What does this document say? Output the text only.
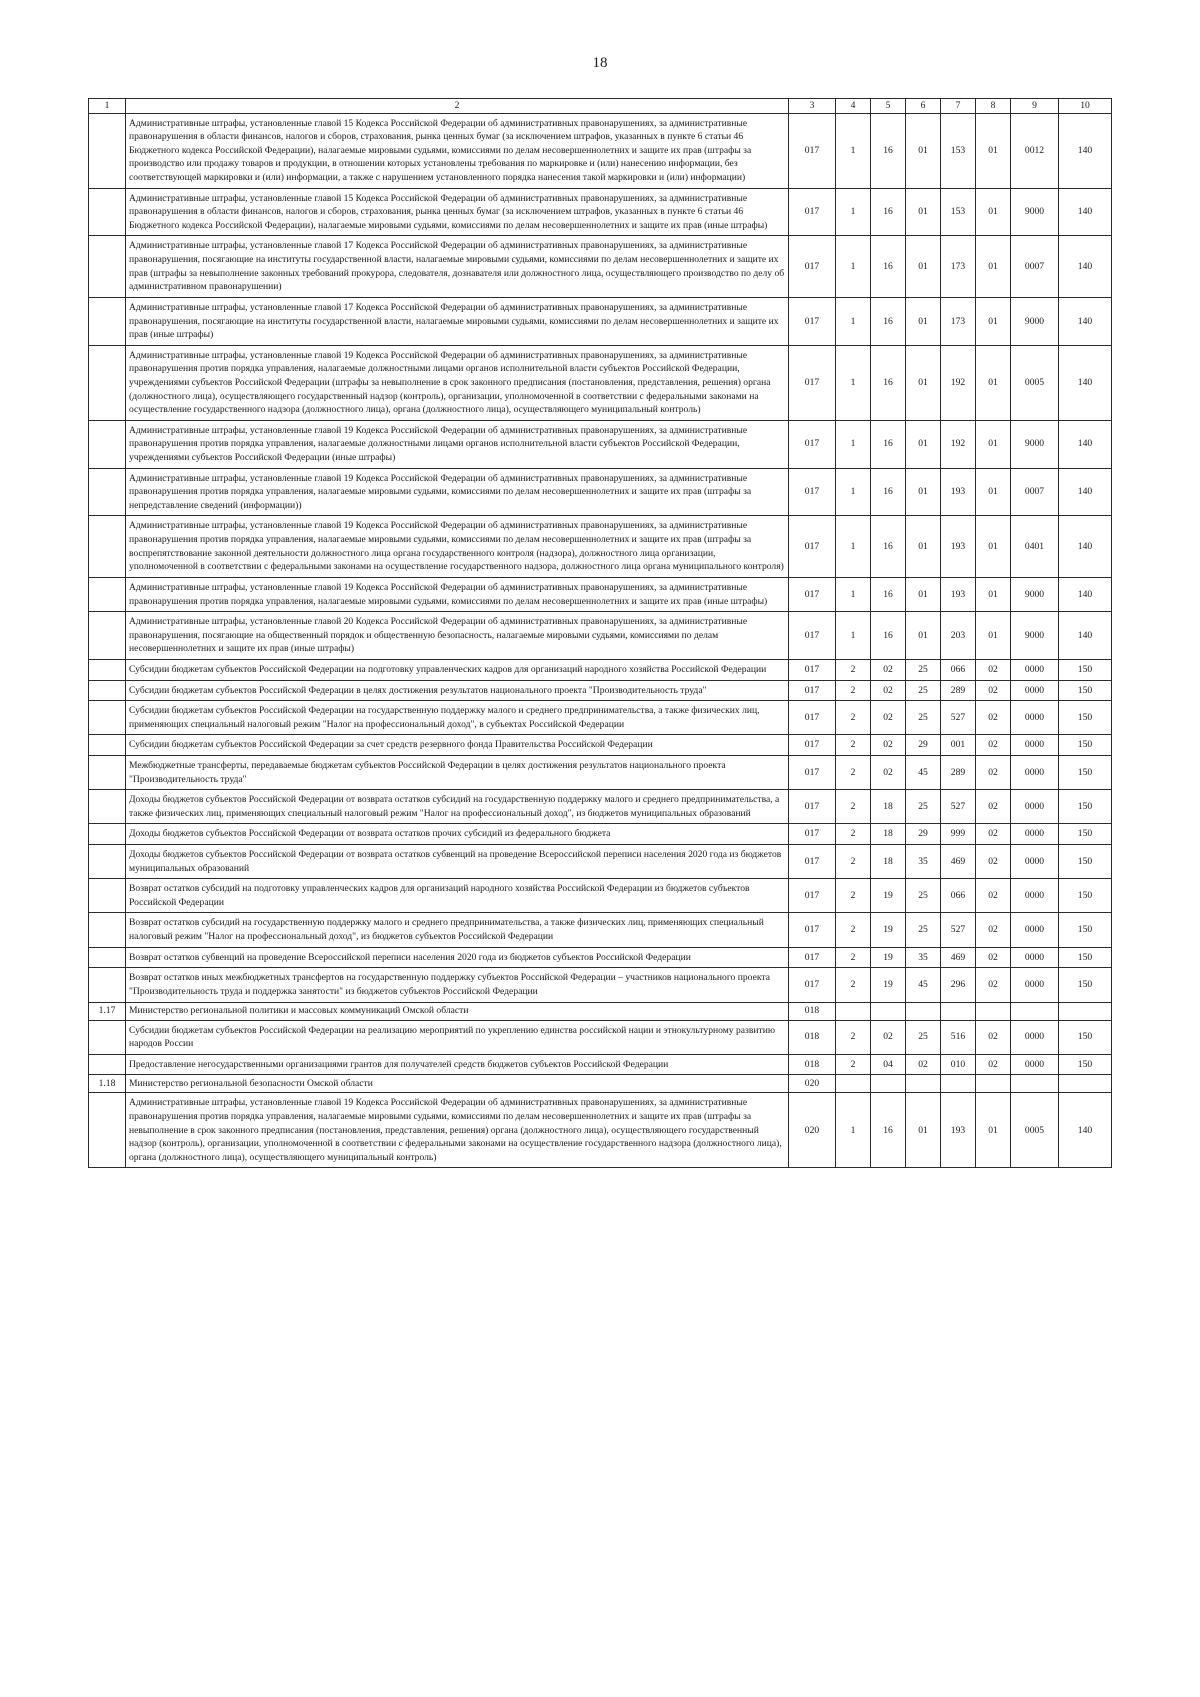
18
1	2	3	4	5	6	7	8	9	10
	Административные штрафы, установленные главой 15 Кодекса Российской Федерации об административных правонарушениях, за административные правонарушения в области финансов, налогов и сборов, страхования, рынка ценных бумаг (за исключением штрафов, указанных в пункте 6 статьи 46 Бюджетного кодекса Российской Федерации), налагаемые мировыми судьями, комиссиями по делам несовершеннолетних и защите их прав (штрафы за производство или продажу товаров и продукции, в отношении которых установлены требования по маркировке и (или) нанесению информации, без соответствующей маркировки и (или) информации, а также с нарушением установленного порядка нанесения такой маркировки и (или) информации)	017	1	16	01	153	01	0012	140
	Административные штрафы, установленные главой 15 Кодекса Российской Федерации об административных правонарушениях, за административные правонарушения в области финансов, налогов и сборов, страхования, рынка ценных бумаг (за исключением штрафов, указанных в пункте 6 статьи 46 Бюджетного кодекса Российской Федерации), налагаемые мировыми судьями, комиссиями по делам несовершеннолетних и защите их прав (иные штрафы)	017	1	16	01	153	01	9000	140
	Административные штрафы, установленные главой 17 Кодекса Российской Федерации об административных правонарушениях, за административные правонарушения, посягающие на институты государственной власти, налагаемые мировыми судьями, комиссиями по делам несовершеннолетних и защите их прав (штрафы за невыполнение законных требований прокурора, следователя, дознавателя или должностного лица, осуществляющего производство по делу об административном правонарушении)	017	1	16	01	173	01	0007	140
	Административные штрафы, установленные главой 17 Кодекса Российской Федерации об административных правонарушениях, за административные правонарушения, посягающие на институты государственной власти, налагаемые мировыми судьями, комиссиями по делам несовершеннолетних и защите их прав (иные штрафы)	017	1	16	01	173	01	9000	140
	Административные штрафы, установленные главой 19 Кодекса Российской Федерации об административных правонарушениях, за административные правонарушения против порядка управления, налагаемые должностными лицами органов исполнительной власти субъектов Российской Федерации, учреждениями субъектов Российской Федерации (штрафы за невыполнение в срок законного предписания (постановления, представления, решения) органа (должностного лица), осуществляющего государственный надзор (контроль), организации, уполномоченной в соответствии с федеральными законами на осуществление государственного надзора (должностного лица), органа (должностного лица), осуществляющего муниципальный контроль)	017	1	16	01	192	01	0005	140
	Административные штрафы, установленные главой 19 Кодекса Российской Федерации об административных правонарушениях, за административные правонарушения против порядка управления, налагаемые должностными лицами органов исполнительной власти субъектов Российской Федерации, учреждениями субъектов Российской Федерации (иные штрафы)	017	1	16	01	192	01	9000	140
	Административные штрафы, установленные главой 19 Кодекса Российской Федерации об административных правонарушениях, за административные правонарушения против порядка управления, налагаемые мировыми судьями, комиссиями по делам несовершеннолетних и защите их прав (штрафы за непредставление сведений (информации))	017	1	16	01	193	01	0007	140
	Административные штрафы, установленные главой 19 Кодекса Российской Федерации об административных правонарушениях, за административные правонарушения против порядка управления, налагаемые мировыми судьями, комиссиями по делам несовершеннолетних и защите их прав (штрафы за воспрепятствование законной деятельности должностного лица органа государственного контроля (надзора), должностного лица организации, уполномоченной в соответствии с федеральными законами на осуществление государственного надзора, должностного лица органа муниципального контроля)	017	1	16	01	193	01	0401	140
	Административные штрафы, установленные главой 19 Кодекса Российской Федерации об административных правонарушениях, за административные правонарушения против порядка управления, налагаемые мировыми судьями, комиссиями по делам несовершеннолетних и защите их прав (иные штрафы)	017	1	16	01	193	01	9000	140
	Административные штрафы, установленные главой 20 Кодекса Российской Федерации об административных правонарушениях, за административные правонарушения, посягающие на общественный порядок и общественную безопасность, налагаемые мировыми судьями, комиссиями по делам несовершеннолетних и защите их прав (иные штрафы)	017	1	16	01	203	01	9000	140
	Субсидии бюджетам субъектов Российской Федерации на подготовку управленческих кадров для организаций народного хозяйства Российской Федерации	017	2	02	25	066	02	0000	150
	Субсидии бюджетам субъектов Российской Федерации в целях достижения результатов национального проекта "Производительность труда"	017	2	02	25	289	02	0000	150
	Субсидии бюджетам субъектов Российской Федерации на государственную поддержку малого и среднего предпринимательства, а также физических лиц, применяющих специальный налоговый режим "Налог на профессиональный доход", в субъектах Российской Федерации	017	2	02	25	527	02	0000	150
	Субсидии бюджетам субъектов Российской Федерации за счет средств резервного фонда Правительства Российской Федерации	017	2	02	29	001	02	0000	150
	Межбюджетные трансферты, передаваемые бюджетам субъектов Российской Федерации в целях достижения результатов национального проекта "Производительность труда"	017	2	02	45	289	02	0000	150
	Доходы бюджетов субъектов Российской Федерации от возврата остатков субсидий на государственную поддержку малого и среднего предпринимательства, а также физических лиц, применяющих специальный налоговый режим "Налог на профессиональный доход", из бюджетов муниципальных образований	017	2	18	25	527	02	0000	150
	Доходы бюджетов субъектов Российской Федерации от возврата остатков прочих субсидий из федерального бюджета	017	2	18	29	999	02	0000	150
	Доходы бюджетов субъектов Российской Федерации от возврата остатков субвенций на проведение Всероссийской переписи населения 2020 года из бюджетов муниципальных образований	017	2	18	35	469	02	0000	150
	Возврат остатков субсидий на подготовку управленческих кадров для организаций народного хозяйства Российской Федерации из бюджетов субъектов Российской Федерации	017	2	19	25	066	02	0000	150
	Возврат остатков субсидий на государственную поддержку малого и среднего предпринимательства, а также физических лиц, применяющих специальный налоговый режим "Налог на профессиональный доход", из бюджетов субъектов Российской Федерации	017	2	19	25	527	02	0000	150
	Возврат остатков субвенций на проведение Всероссийской переписи населения 2020 года из бюджетов субъектов Российской Федерации	017	2	19	35	469	02	0000	150
	Возврат остатков иных межбюджетных трансфертов на государственную поддержку субъектов Российской Федерации – участников национального проекта "Производительность труда и поддержка занятости" из бюджетов субъектов Российской Федерации	017	2	19	45	296	02	0000	150
1.17	Министерство региональной политики и массовых коммуникаций Омской области	018							
	Субсидии бюджетам субъектов Российской Федерации на реализацию мероприятий по укреплению единства российской нации и этнокультурному развитию народов России	018	2	02	25	516	02	0000	150
	Предоставление негосударственными организациями грантов для получателей средств бюджетов субъектов Российской Федерации	018	2	04	02	010	02	0000	150
1.18	Министерство региональной безопасности Омской области	020							
	Административные штрафы, установленные главой 19 Кодекса Российской Федерации об административных правонарушениях, за административные правонарушения против порядка управления, налагаемые мировыми судьями, комиссиями по делам несовершеннолетних и защите их прав (штрафы за невыполнение в срок законного предписания (постановления, представления, решения) органа (должностного лица), осуществляющего государственный надзор (контроль), организации, уполномоченной в соответствии с федеральными законами на осуществление государственного надзора (должностного лица), органа (должностного лица), осуществляющего муниципальный контроль)	020	1	16	01	193	01	0005	140
